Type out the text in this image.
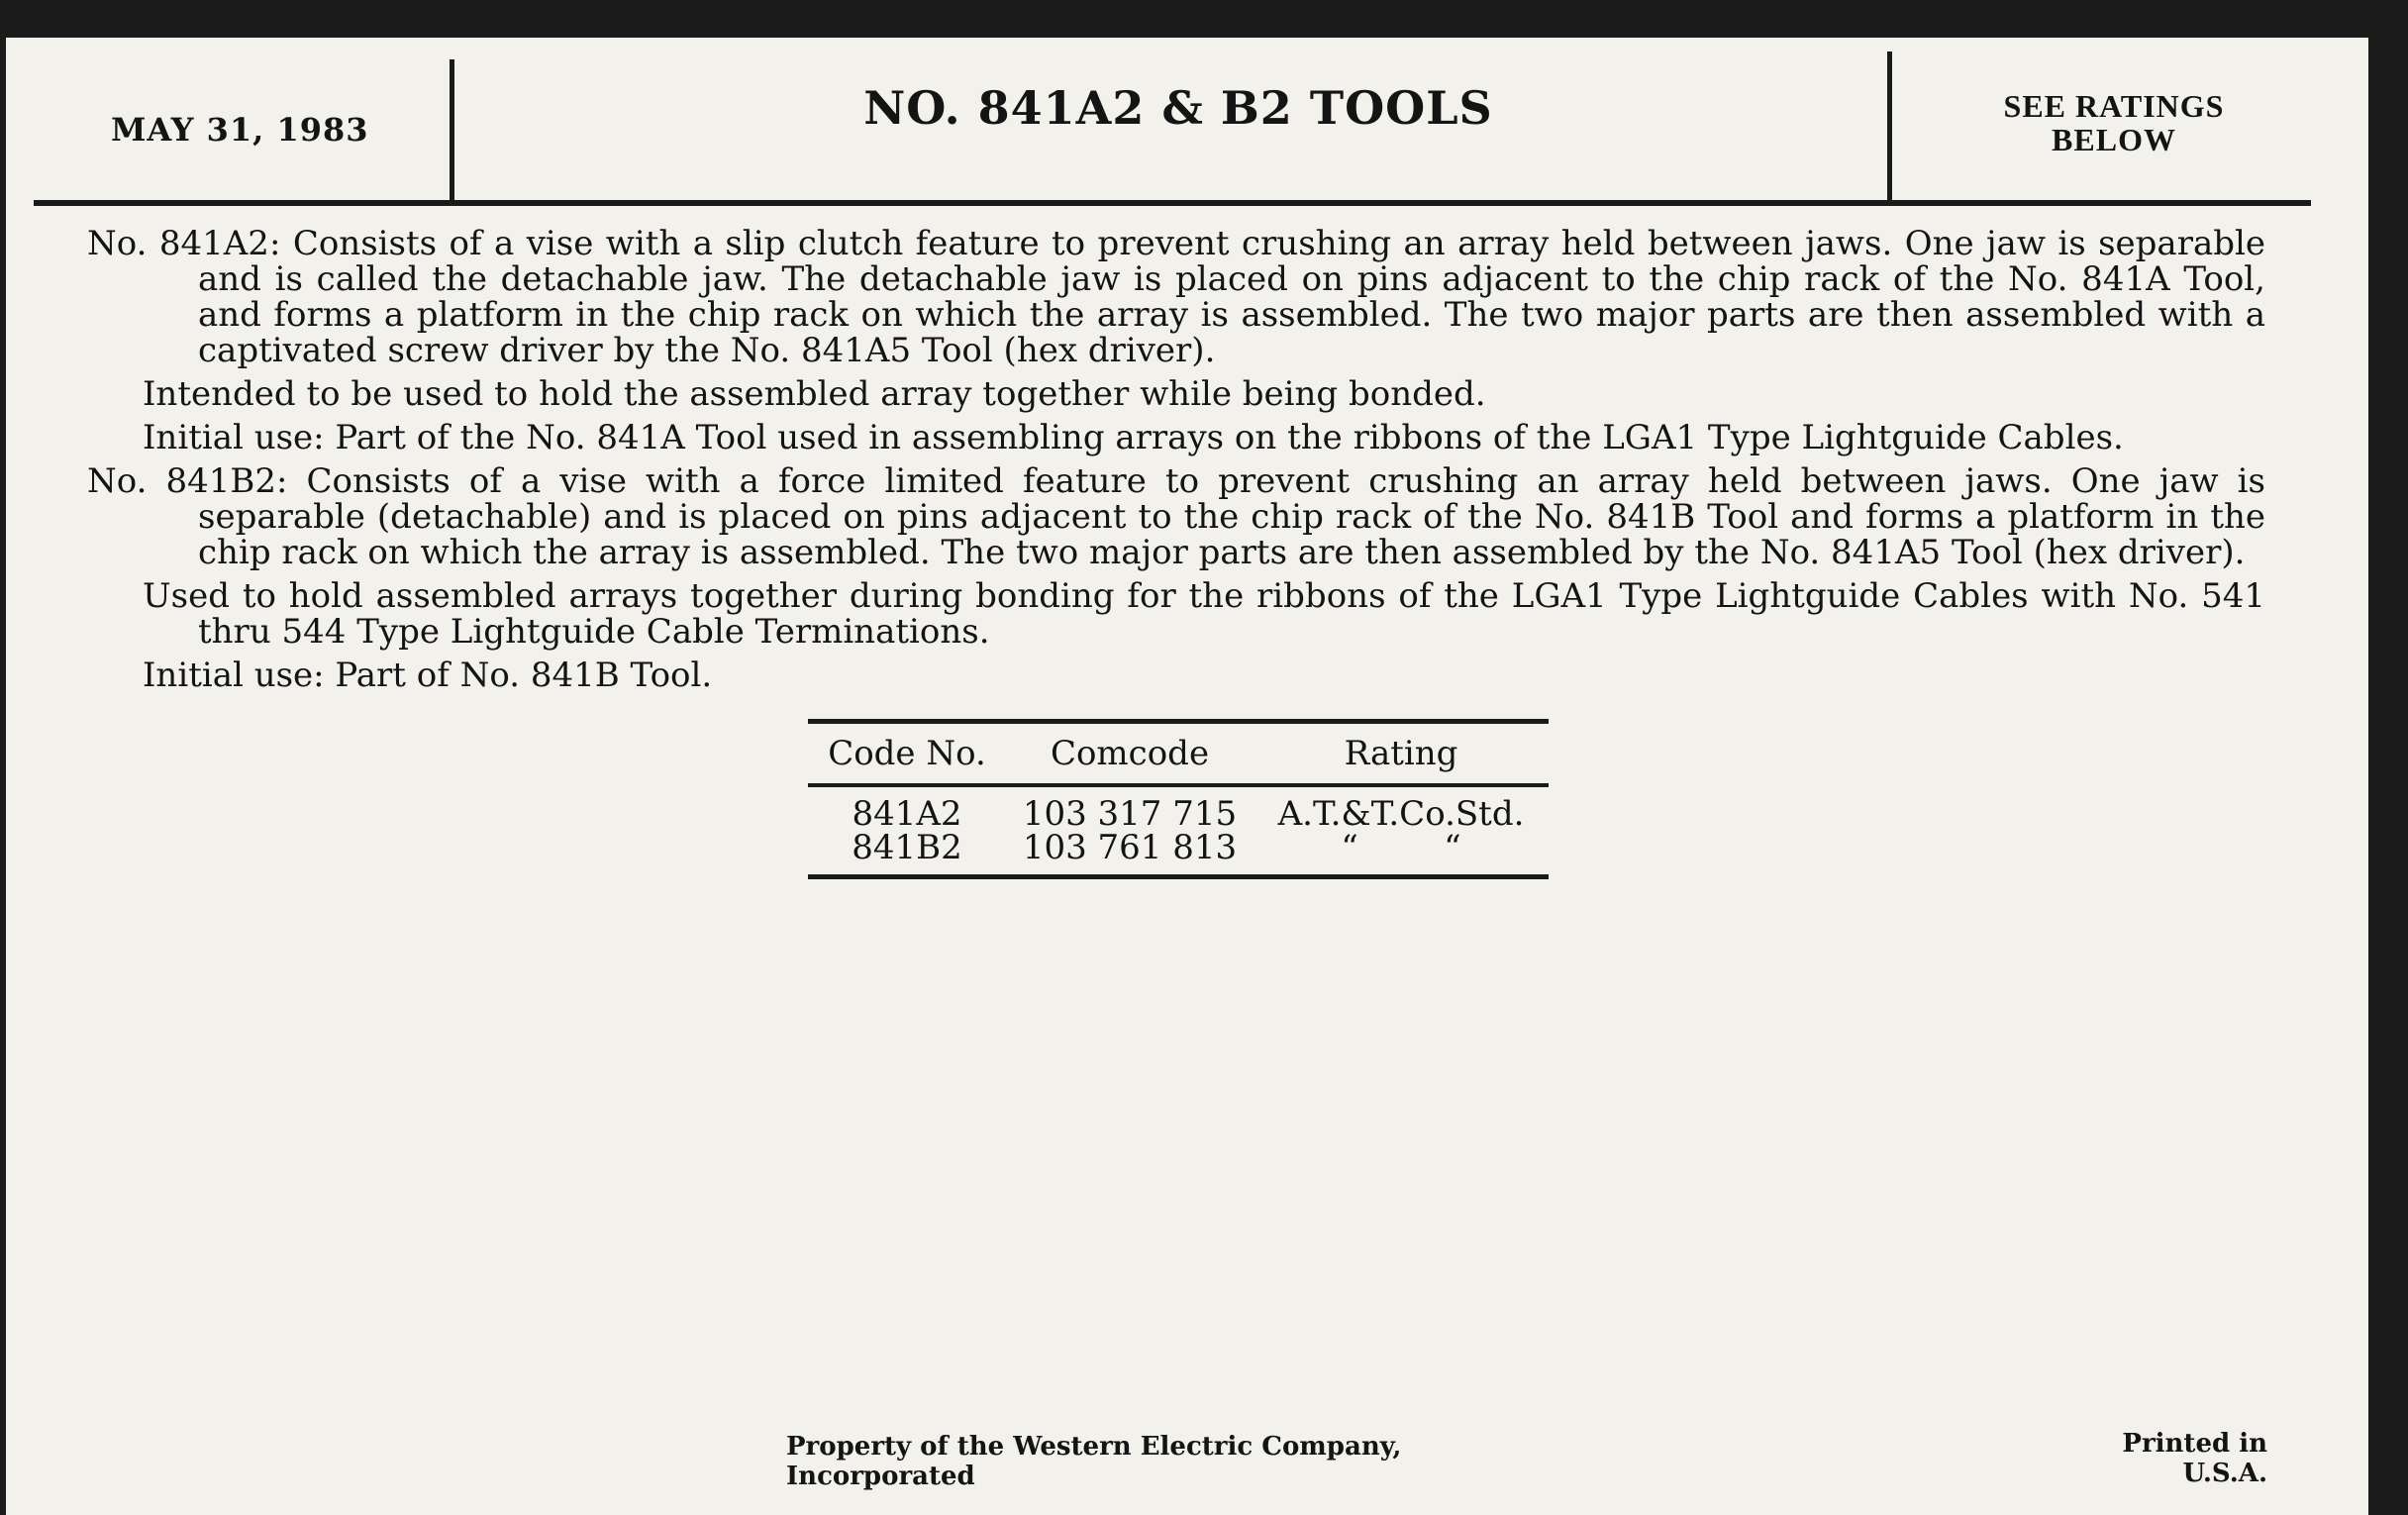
MAY 31, 1983	NO. 841A2 & B2 TOOLS	SEE RATINGS
BELOW

No. 841A2: Consists of a vise with a slip clutch feature to prevent crushing an array held between jaws. One jaw is separable and is called the detachable jaw. The detachable jaw is placed on pins adjacent to the chip rack of the No. 841A Tool, and forms a platform in the chip rack on which the array is assembled. The two major parts are then assembled with a captivated screw driver by the No. 841A5 Tool (hex driver).

Intended to be used to hold the assembled array together while being bonded.

Initial use: Part of the No. 841A Tool used in assembling arrays on the ribbons of the LGA1 Type Lightguide Cables.

No. 841B2: Consists of a vise with a force limited feature to prevent crushing an array held between jaws. One jaw is separable (detachable) and is placed on pins adjacent to the chip rack of the No. 841B Tool and forms a platform in the chip rack on which the array is assembled. The two major parts are then assembled by the No. 841A5 Tool (hex driver).

Used to hold assembled arrays together during bonding for the ribbons of the LGA1 Type Lightguide Cables with No. 541 thru 544 Type Lightguide Cable Terminations.

Initial use: Part of No. 841B Tool.

Code No.	Comcode	Rating
841A2	103 317 715	A.T.&T.Co.Std.
841B2	103 761 813	“        “
Property of the Western Electric Company, Incorporated
Printed in U.S.A.
